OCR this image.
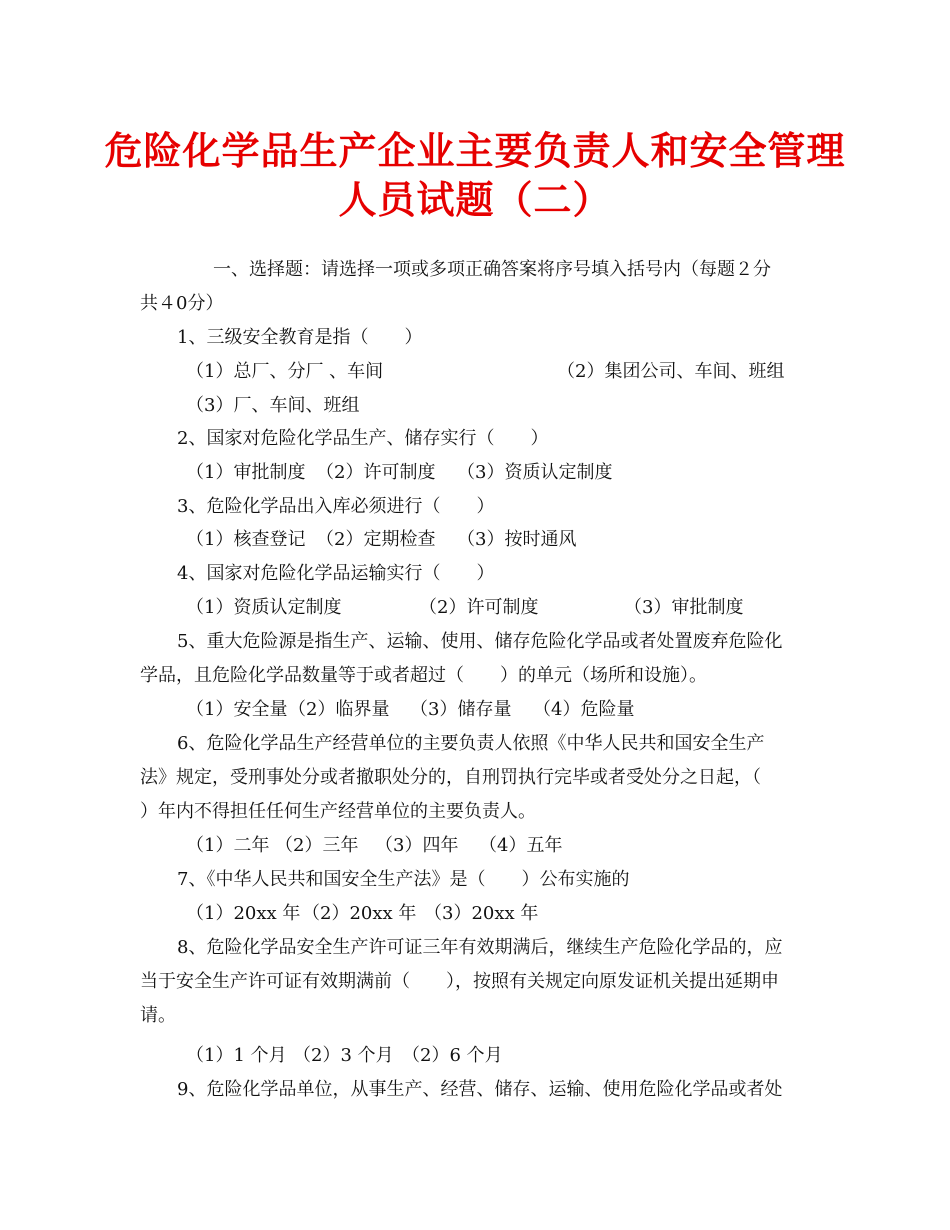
危险化学品生产企业主要负责人和安全管理
人员试题（二）
一、选择题：请选择一项或多项正确答案将序号填入括号内（每题２分
共４0分）
1、三级安全教育是指（　　）
（1）总厂、分厂 、车间	（2）集团公司、车间、班组
（3）厂、车间、班组
2、国家对危险化学品生产、储存实行（　　）
（1）审批制度 （2）许可制度 （3）资质认定制度
3、危险化学品出入库必须进行（　　）
（1）核查登记 （2）定期检查 （3）按时通风
4、国家对危险化学品运输实行（　　）
（1）资质认定制度	（2）许可制度	（3）审批制度
5、重大危险源是指生产、运输、使用、储存危险化学品或者处置废弃危险化
学品，且危险化学品数量等于或者超过（　　）的单元（场所和设施）。
（1）安全量 （2）临界量 （3）储存量 （4）危险量
6、危险化学品生产经营单位的主要负责人依照《中华人民共和国安全生产
法》规定，受刑事处分或者撤职处分的，自刑罚执行完毕或者受处分之日起，（
）年内不得担任任何生产经营单位的主要负责人。
（1）二年 （2）三年 （3）四年 （4）五年
7、《中华人民共和国安全生产法》是（　　）公布实施的
（1）20xx 年 （2）20xx 年 （3）20xx 年
8、危险化学品安全生产许可证三年有效期满后，继续生产危险化学品的，应
当于安全生产许可证有效期满前（　　），按照有关规定向原发证机关提出延期申
请。
（1）1 个月 （2）3 个月 （2）6 个月
9、危险化学品单位，从事生产、经营、储存、运输、使用危险化学品或者处
